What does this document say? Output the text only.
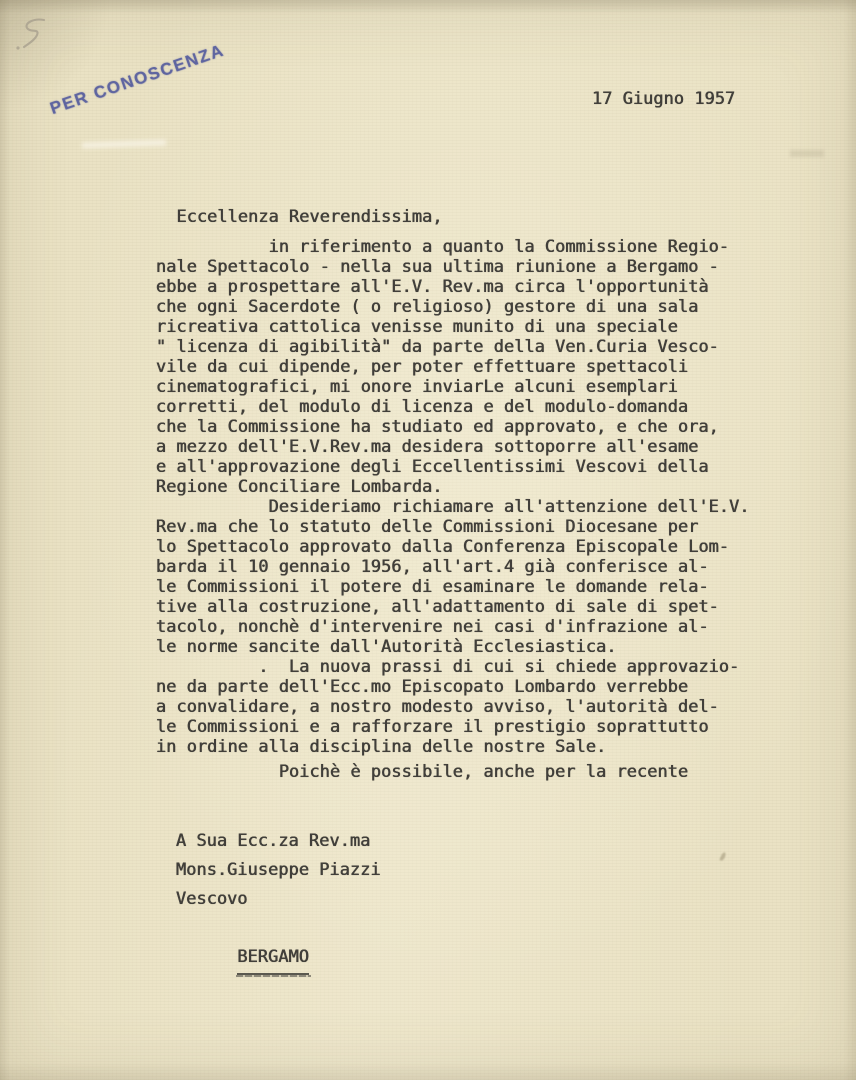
PER CONOSCENZA	17 Giugno 1957
Eccellenza Reverendissima,
in riferimento a quanto la Commissione Regio-
nale Spettacolo - nella sua ultima riunione a Bergamo -
ebbe a prospettare all'E.V. Rev.ma circa l'opportunità
che ogni Sacerdote ( o religioso) gestore di una sala
ricreativa cattolica venisse munito di una speciale
" licenza di agibilità" da parte della Ven.Curia Vesco-
vile da cui dipende, per poter effettuare spettacoli
cinematografici, mi onore inviarLe alcuni esemplari
corretti, del modulo di licenza e del modulo-domanda
che la Commissione ha studiato ed approvato, e che ora,
a mezzo dell'E.V.Rev.ma desidera sottoporre all'esame
e all'approvazione degli Eccellentissimi Vescovi della
Regione Conciliare Lombarda.
Desideriamo richiamare all'attenzione dell'E.V.
Rev.ma che lo statuto delle Commissioni Diocesane per
lo Spettacolo approvato dalla Conferenza Episcopale Lom-
barda il 10 gennaio 1956, all'art.4 già conferisce al-
le Commissioni il potere di esaminare le domande rela-
tive alla costruzione, all'adattamento di sale di spet-
tacolo, nonchè d'intervenire nei casi d'infrazione al-
le norme sancite dall'Autorità Ecclesiastica.
.  La nuova prassi di cui si chiede approvazio-
ne da parte dell'Ecc.mo Episcopato Lombardo verrebbe
a convalidare, a nostro modesto avviso, l'autorità del-
le Commissioni e a rafforzare il prestigio soprattutto
in ordine alla disciplina delle nostre Sale.
Poichè è possibile, anche per la recente
A Sua Ecc.za Rev.ma
Mons.Giuseppe Piazzi
Vescovo

BERGAMO
